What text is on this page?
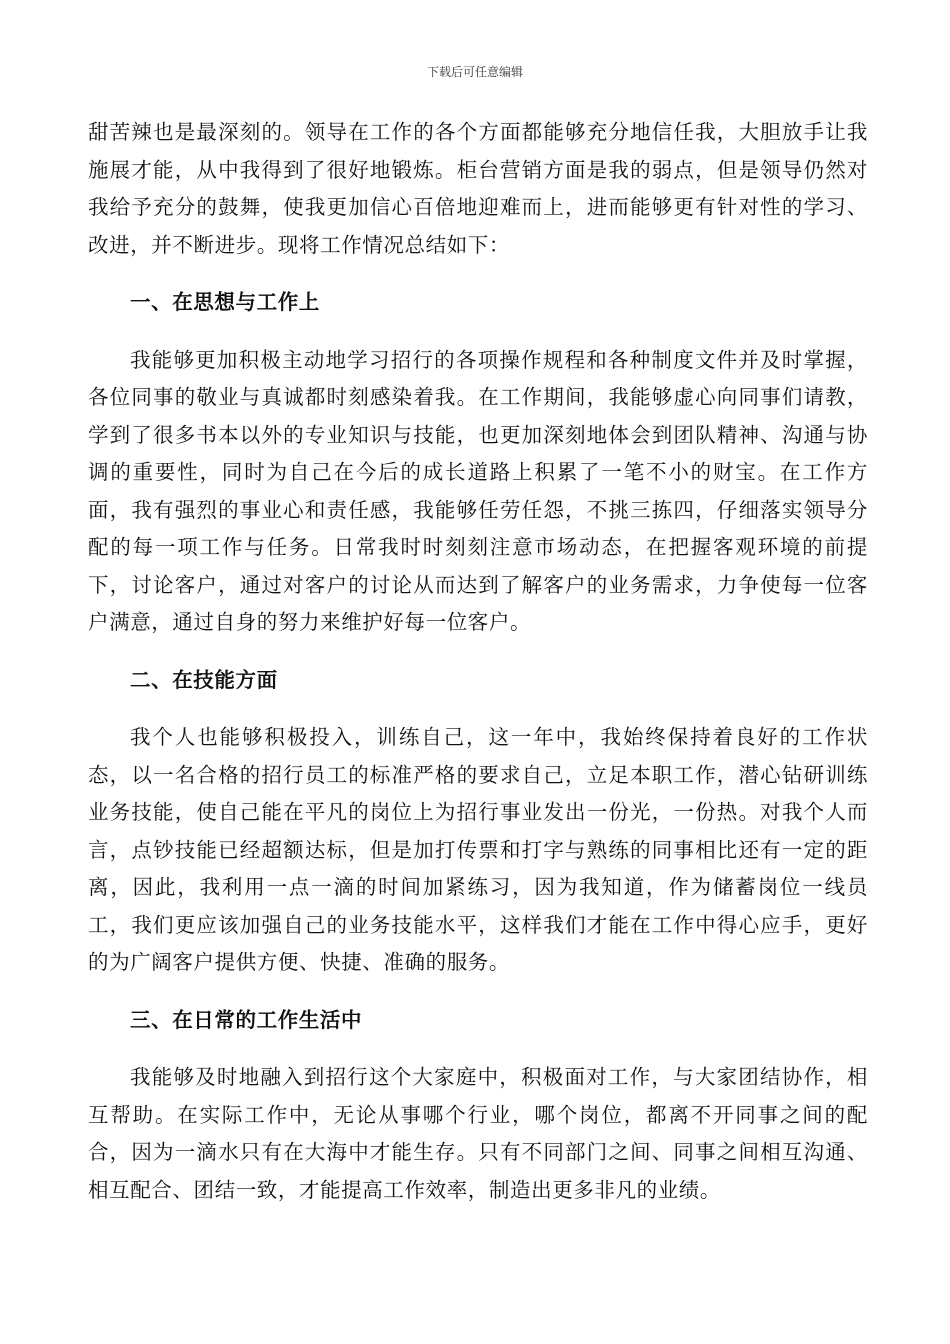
下载后可任意编辑

甜苦辣也是最深刻的。领导在工作的各个方面都能够充分地信任我，大胆放手让我施展才能，从中我得到了很好地锻炼。柜台营销方面是我的弱点，但是领导仍然对我给予充分的鼓舞，使我更加信心百倍地迎难而上，进而能够更有针对性的学习、改进，并不断进步。现将工作情况总结如下：

一、在思想与工作上

我能够更加积极主动地学习招行的各项操作规程和各种制度文件并及时掌握，各位同事的敬业与真诚都时刻感染着我。在工作期间，我能够虚心向同事们请教，学到了很多书本以外的专业知识与技能，也更加深刻地体会到团队精神、沟通与协调的重要性，同时为自己在今后的成长道路上积累了一笔不小的财宝。在工作方面，我有强烈的事业心和责任感，我能够任劳任怨，不挑三拣四，仔细落实领导分配的每一项工作与任务。日常我时时刻刻注意市场动态，在把握客观环境的前提下，讨论客户，通过对客户的讨论从而达到了解客户的业务需求，力争使每一位客户满意，通过自身的努力来维护好每一位客户。

二、在技能方面

我个人也能够积极投入，训练自己，这一年中，我始终保持着良好的工作状态，以一名合格的招行员工的标准严格的要求自己，立足本职工作，潜心钻研训练业务技能，使自己能在平凡的岗位上为招行事业发出一份光，一份热。对我个人而言，点钞技能已经超额达标，但是加打传票和打字与熟练的同事相比还有一定的距离，因此，我利用一点一滴的时间加紧练习，因为我知道，作为储蓄岗位一线员工，我们更应该加强自己的业务技能水平，这样我们才能在工作中得心应手，更好的为广阔客户提供方便、快捷、准确的服务。

三、在日常的工作生活中

我能够及时地融入到招行这个大家庭中，积极面对工作，与大家团结协作，相互帮助。在实际工作中，无论从事哪个行业，哪个岗位，都离不开同事之间的配合，因为一滴水只有在大海中才能生存。只有不同部门之间、同事之间相互沟通、相互配合、团结一致，才能提高工作效率，制造出更多非凡的业绩。
